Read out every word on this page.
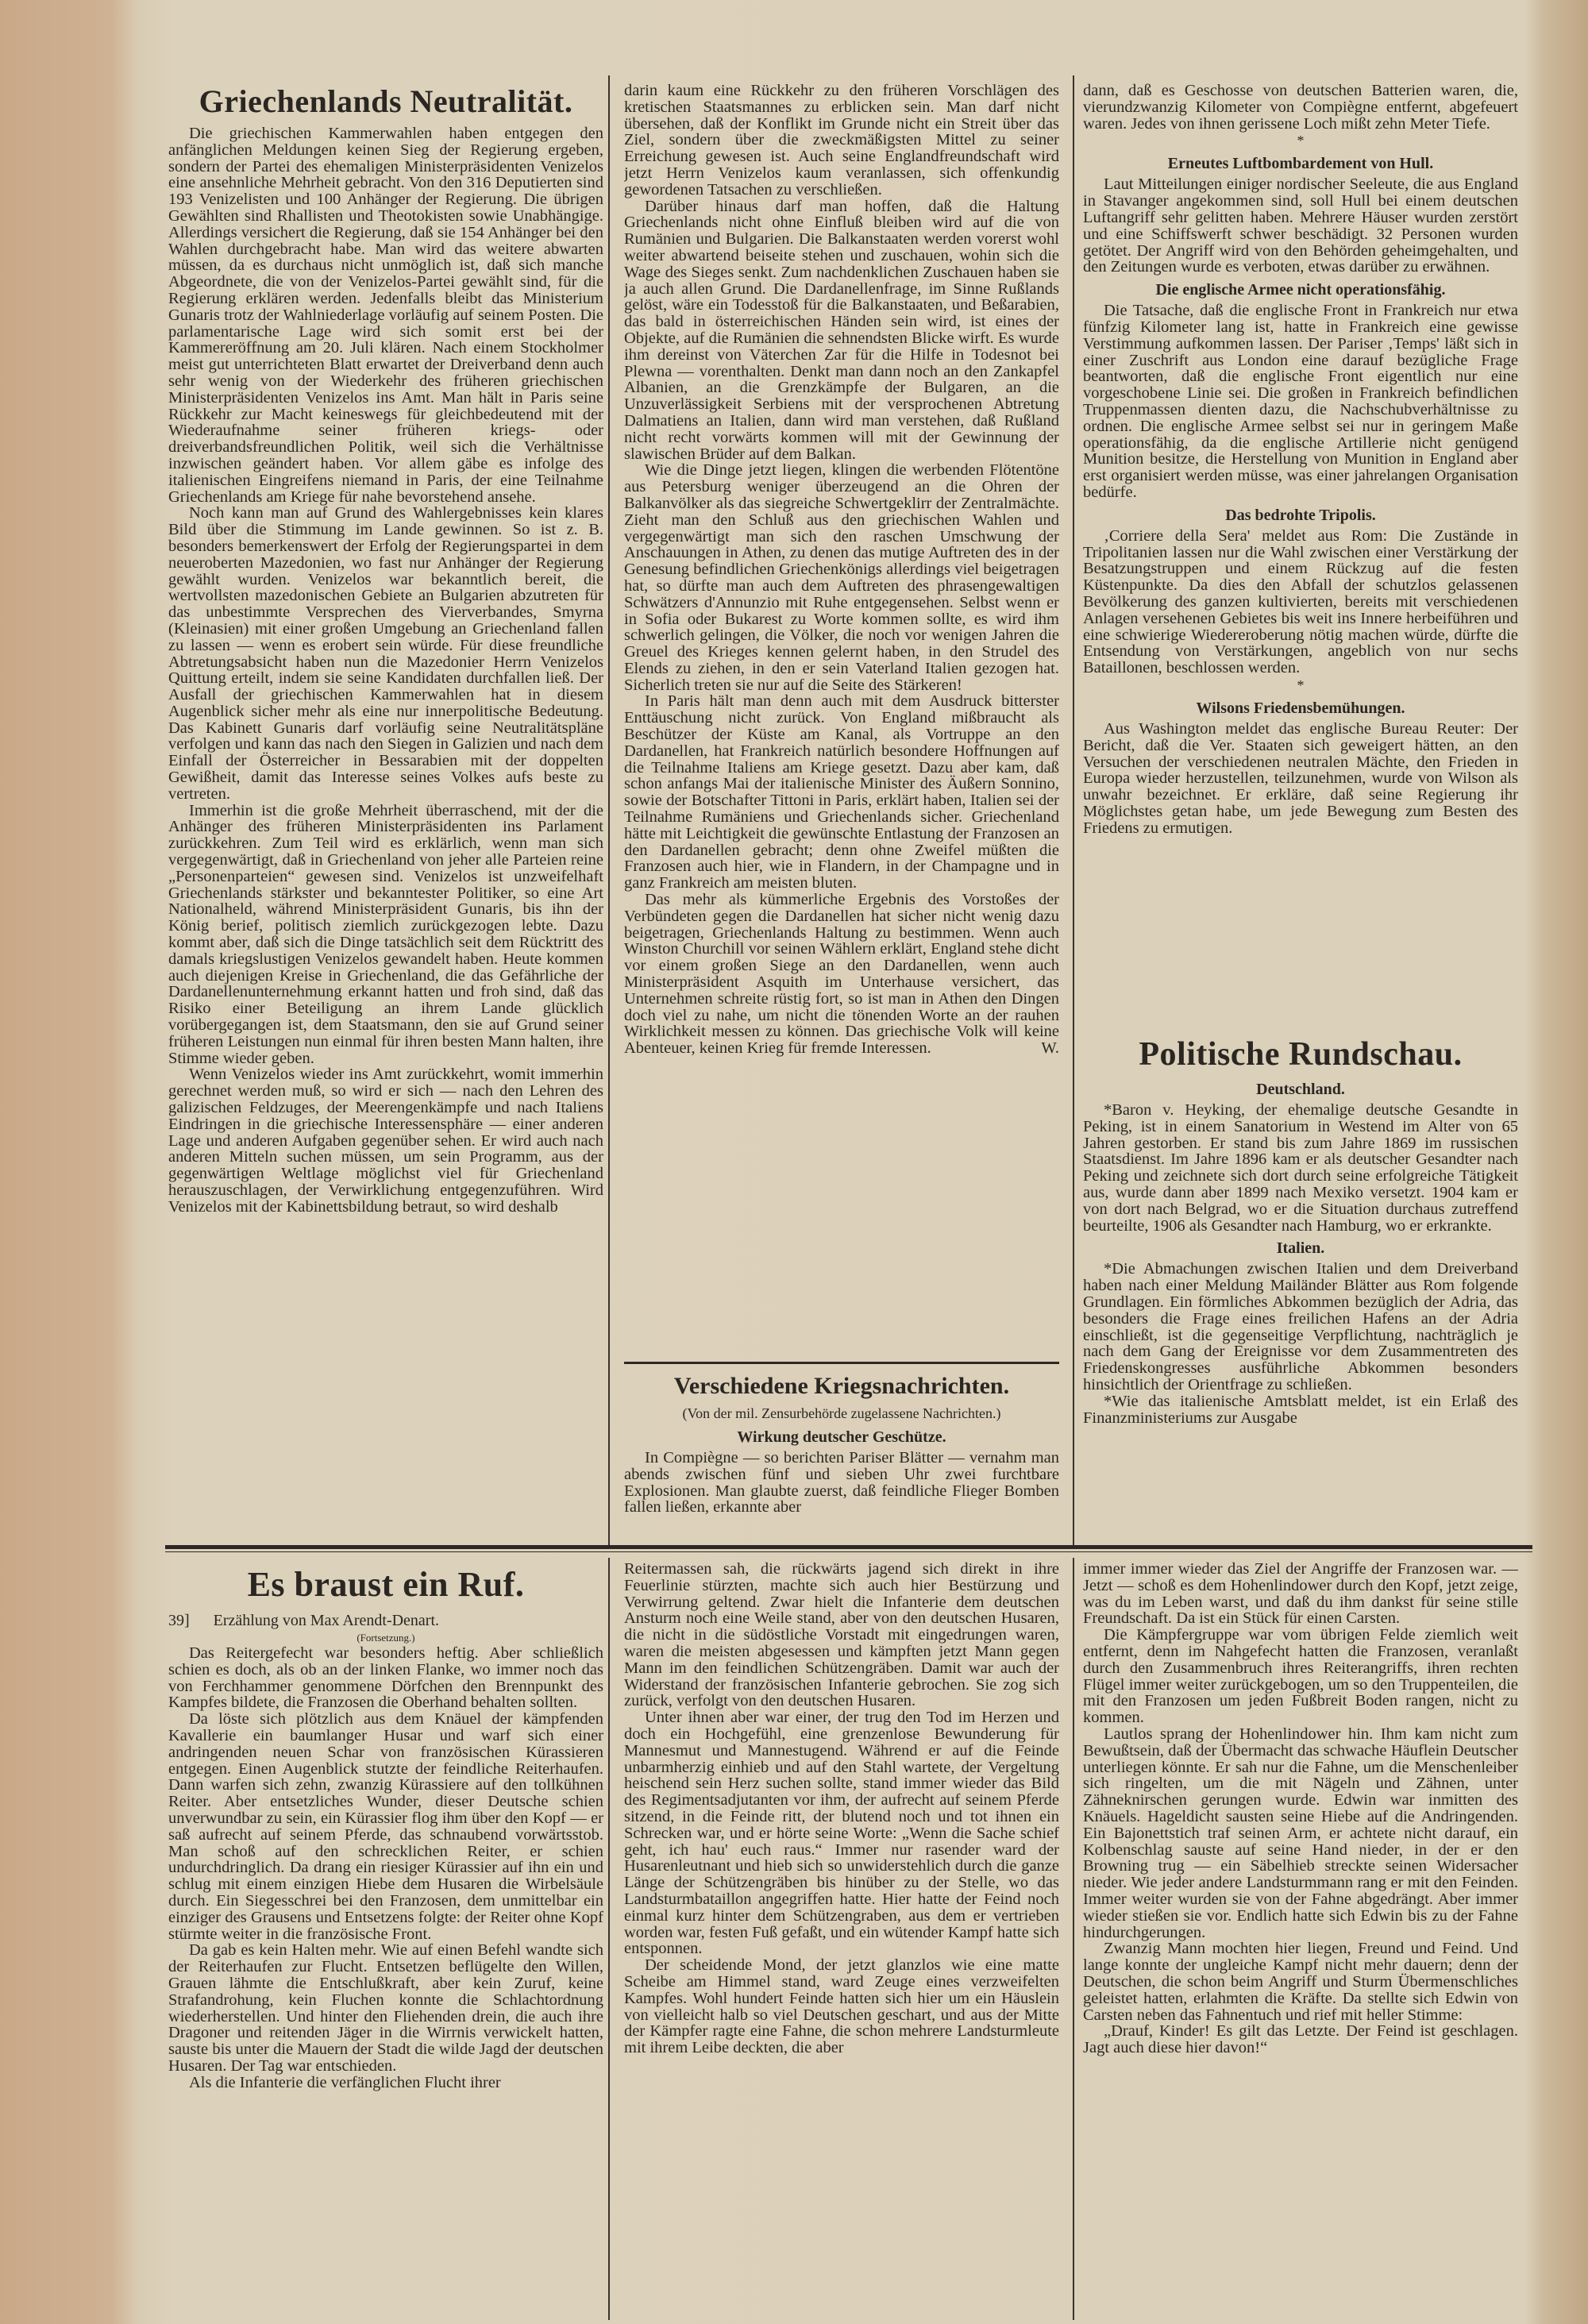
Griechenlands Neutralität.

Die griechischen Kammerwahlen haben entgegen den anfänglichen Meldungen keinen Sieg der Regierung ergeben, sondern der Partei des ehemaligen Ministerpräsidenten Venizelos eine ansehnliche Mehrheit gebracht. Von den 316 Deputierten sind 193 Venizelisten und 100 Anhänger der Regierung. Die übrigen Gewählten sind Rhallisten und Theotokisten sowie Unabhängige. Allerdings versichert die Regierung, daß sie 154 Anhänger bei den Wahlen durchgebracht habe. Man wird das weitere abwarten müssen, da es durchaus nicht unmöglich ist, daß sich manche Abgeordnete, die von der Venizelos-Partei gewählt sind, für die Regierung erklären werden. Jedenfalls bleibt das Ministerium Gunaris trotz der Wahlniederlage vorläufig auf seinem Posten. Die parlamentarische Lage wird sich somit erst bei der Kammereröffnung am 20. Juli klären. Nach einem Stockholmer meist gut unterrichteten Blatt erwartet der Dreiverband denn auch sehr wenig von der Wiederkehr des früheren griechischen Ministerpräsidenten Venizelos ins Amt. Man hält in Paris seine Rückkehr zur Macht keineswegs für gleichbedeutend mit der Wiederaufnahme seiner früheren kriegs- oder dreiverbandsfreundlichen Politik, weil sich die Verhältnisse inzwischen geändert haben. Vor allem gäbe es infolge des italienischen Eingreifens niemand in Paris, der eine Teilnahme Griechenlands am Kriege für nahe bevorstehend ansehe.

Noch kann man auf Grund des Wahlergebnisses kein klares Bild über die Stimmung im Lande gewinnen. So ist z. B. besonders bemerkenswert der Erfolg der Regierungspartei in dem neueroberten Mazedonien, wo fast nur Anhänger der Regierung gewählt wurden. Venizelos war bekanntlich bereit, die wertvollsten mazedonischen Gebiete an Bulgarien abzutreten für das unbestimmte Versprechen des Vierverbandes, Smyrna (Kleinasien) mit einer großen Umgebung an Griechenland fallen zu lassen — wenn es erobert sein würde. Für diese freundliche Abtretungsabsicht haben nun die Mazedonier Herrn Venizelos Quittung erteilt, indem sie seine Kandidaten durchfallen ließ. Der Ausfall der griechischen Kammerwahlen hat in diesem Augenblick sicher mehr als eine nur innerpolitische Bedeutung. Das Kabinett Gunaris darf vorläufig seine Neutralitätspläne verfolgen und kann das nach den Siegen in Galizien und nach dem Einfall der Österreicher in Bessarabien mit der doppelten Gewißheit, damit das Interesse seines Volkes aufs beste zu vertreten.

Immerhin ist die große Mehrheit überraschend, mit der die Anhänger des früheren Ministerpräsidenten ins Parlament zurückkehren. Zum Teil wird es erklärlich, wenn man sich vergegenwärtigt, daß in Griechenland von jeher alle Parteien reine „Personenparteien“ gewesen sind. Venizelos ist unzweifelhaft Griechenlands stärkster und bekanntester Politiker, so eine Art Nationalheld, während Ministerpräsident Gunaris, bis ihn der König berief, politisch ziemlich zurückgezogen lebte. Dazu kommt aber, daß sich die Dinge tatsächlich seit dem Rücktritt des damals kriegslustigen Venizelos gewandelt haben. Heute kommen auch diejenigen Kreise in Griechenland, die das Gefährliche der Dardanellenunternehmung erkannt hatten und froh sind, daß das Risiko einer Beteiligung an ihrem Lande glücklich vorübergegangen ist, dem Staatsmann, den sie auf Grund seiner früheren Leistungen nun einmal für ihren besten Mann halten, ihre Stimme wieder geben.

Wenn Venizelos wieder ins Amt zurückkehrt, womit immerhin gerechnet werden muß, so wird er sich — nach den Lehren des galizischen Feldzuges, der Meerengenkämpfe und nach Italiens Eindringen in die griechische Interessensphäre — einer anderen Lage und anderen Aufgaben gegenüber sehen. Er wird auch nach anderen Mitteln suchen müssen, um sein Programm, aus der gegenwärtigen Weltlage möglichst viel für Griechenland herauszuschlagen, der Verwirklichung entgegenzuführen. Wird Venizelos mit der Kabinettsbildung betraut, so wird deshalb

darin kaum eine Rückkehr zu den früheren Vorschlägen des kretischen Staatsmannes zu erblicken sein. Man darf nicht übersehen, daß der Konflikt im Grunde nicht ein Streit über das Ziel, sondern über die zweckmäßigsten Mittel zu seiner Erreichung gewesen ist. Auch seine Englandfreundschaft wird jetzt Herrn Venizelos kaum veranlassen, sich offenkundig gewordenen Tatsachen zu verschließen.

Darüber hinaus darf man hoffen, daß die Haltung Griechenlands nicht ohne Einfluß bleiben wird auf die von Rumänien und Bulgarien. Die Balkanstaaten werden vorerst wohl weiter abwartend beiseite stehen und zuschauen, wohin sich die Wage des Sieges senkt. Zum nachdenklichen Zuschauen haben sie ja auch allen Grund. Die Dardanellenfrage, im Sinne Rußlands gelöst, wäre ein Todesstoß für die Balkanstaaten, und Beßarabien, das bald in österreichischen Händen sein wird, ist eines der Objekte, auf die Rumänien die sehnendsten Blicke wirft. Es wurde ihm dereinst von Väterchen Zar für die Hilfe in Todesnot bei Plewna — vorenthalten. Denkt man dann noch an den Zankapfel Albanien, an die Grenzkämpfe der Bulgaren, an die Unzuverlässigkeit Serbiens mit der versprochenen Abtretung Dalmatiens an Italien, dann wird man verstehen, daß Rußland nicht recht vorwärts kommen will mit der Gewinnung der slawischen Brüder auf dem Balkan.

Wie die Dinge jetzt liegen, klingen die werbenden Flötentöne aus Petersburg weniger überzeugend an die Ohren der Balkanvölker als das siegreiche Schwertgeklirr der Zentralmächte. Zieht man den Schluß aus den griechischen Wahlen und vergegenwärtigt man sich den raschen Umschwung der Anschauungen in Athen, zu denen das mutige Auftreten des in der Genesung befindlichen Griechenkönigs allerdings viel beigetragen hat, so dürfte man auch dem Auftreten des phrasengewaltigen Schwätzers d'Annunzio mit Ruhe entgegensehen. Selbst wenn er in Sofia oder Bukarest zu Worte kommen sollte, es wird ihm schwerlich gelingen, die Völker, die noch vor wenigen Jahren die Greuel des Krieges kennen gelernt haben, in den Strudel des Elends zu ziehen, in den er sein Vaterland Italien gezogen hat. Sicherlich treten sie nur auf die Seite des Stärkeren!

In Paris hält man denn auch mit dem Ausdruck bitterster Enttäuschung nicht zurück. Von England mißbraucht als Beschützer der Küste am Kanal, als Vortruppe an den Dardanellen, hat Frankreich natürlich besondere Hoffnungen auf die Teilnahme Italiens am Kriege gesetzt. Dazu aber kam, daß schon anfangs Mai der italienische Minister des Äußern Sonnino, sowie der Botschafter Tittoni in Paris, erklärt haben, Italien sei der Teilnahme Rumäniens und Griechenlands sicher. Griechenland hätte mit Leichtigkeit die gewünschte Entlastung der Franzosen an den Dardanellen gebracht; denn ohne Zweifel müßten die Franzosen auch hier, wie in Flandern, in der Champagne und in ganz Frankreich am meisten bluten.

Das mehr als kümmerliche Ergebnis des Vorstoßes der Verbündeten gegen die Dardanellen hat sicher nicht wenig dazu beigetragen, Griechenlands Haltung zu bestimmen. Wenn auch Winston Churchill vor seinen Wählern erklärt, England stehe dicht vor einem großen Siege an den Dardanellen, wenn auch Ministerpräsident Asquith im Unterhause versichert, das Unternehmen schreite rüstig fort, so ist man in Athen den Dingen doch viel zu nahe, um nicht die tönenden Worte an der rauhen Wirklichkeit messen zu können. Das griechische Volk will keine Abenteuer, keinen Krieg für fremde Interessen.	W.

Verschiedene Kriegsnachrichten.
(Von der mil. Zensurbehörde zugelassene Nachrichten.)
Wirkung deutscher Geschütze.

In Compiègne — so berichten Pariser Blätter — vernahm man abends zwischen fünf und sieben Uhr zwei furchtbare Explosionen. Man glaubte zuerst, daß feindliche Flieger Bomben fallen ließen, erkannte aber

dann, daß es Geschosse von deutschen Batterien waren, die, vierundzwanzig Kilometer von Compiègne entfernt, abgefeuert waren. Jedes von ihnen gerissene Loch mißt zehn Meter Tiefe.

*
Erneutes Luftbombardement von Hull.

Laut Mitteilungen einiger nordischer Seeleute, die aus England in Stavanger angekommen sind, soll Hull bei einem deutschen Luftangriff sehr gelitten haben. Mehrere Häuser wurden zerstört und eine Schiffswerft schwer beschädigt. 32 Personen wurden getötet. Der Angriff wird von den Behörden geheimgehalten, und den Zeitungen wurde es verboten, etwas darüber zu erwähnen.

Die englische Armee nicht operationsfähig.

Die Tatsache, daß die englische Front in Frankreich nur etwa fünfzig Kilometer lang ist, hatte in Frankreich eine gewisse Verstimmung aufkommen lassen. Der Pariser ‚Temps' läßt sich in einer Zuschrift aus London eine darauf bezügliche Frage beantworten, daß die englische Front eigentlich nur eine vorgeschobene Linie sei. Die großen in Frankreich befindlichen Truppenmassen dienten dazu, die Nachschubverhältnisse zu ordnen. Die englische Armee selbst sei nur in geringem Maße operationsfähig, da die englische Artillerie nicht genügend Munition besitze, die Herstellung von Munition in England aber erst organisiert werden müsse, was einer jahrelangen Organisation bedürfe.

Das bedrohte Tripolis.

‚Corriere della Sera' meldet aus Rom: Die Zustände in Tripolitanien lassen nur die Wahl zwischen einer Verstärkung der Besatzungstruppen und einem Rückzug auf die festen Küstenpunkte. Da dies den Abfall der schutzlos gelassenen Bevölkerung des ganzen kultivierten, bereits mit verschiedenen Anlagen versehenen Gebietes bis weit ins Innere herbeiführen und eine schwierige Wiedereroberung nötig machen würde, dürfte die Entsendung von Verstärkungen, angeblich von nur sechs Bataillonen, beschlossen werden.

*
Wilsons Friedensbemühungen.

Aus Washington meldet das englische Bureau Reuter: Der Bericht, daß die Ver. Staaten sich geweigert hätten, an den Versuchen der verschiedenen neutralen Mächte, den Frieden in Europa wieder herzustellen, teilzunehmen, wurde von Wilson als unwahr bezeichnet. Er erkläre, daß seine Regierung ihr Möglichstes getan habe, um jede Bewegung zum Besten des Friedens zu ermutigen.

Politische Rundschau.
Deutschland.

*Baron v. Heyking, der ehemalige deutsche Gesandte in Peking, ist in einem Sanatorium in Westend im Alter von 65 Jahren gestorben. Er stand bis zum Jahre 1869 im russischen Staatsdienst. Im Jahre 1896 kam er als deutscher Gesandter nach Peking und zeichnete sich dort durch seine erfolgreiche Tätigkeit aus, wurde dann aber 1899 nach Mexiko versetzt. 1904 kam er von dort nach Belgrad, wo er die Situation durchaus zutreffend beurteilte, 1906 als Gesandter nach Hamburg, wo er erkrankte.

Italien.

*Die Abmachungen zwischen Italien und dem Dreiverband haben nach einer Meldung Mailänder Blätter aus Rom folgende Grundlagen. Ein förmliches Abkommen bezüglich der Adria, das besonders die Frage eines freilichen Hafens an der Adria einschließt, ist die gegenseitige Verpflichtung, nachträglich je nach dem Gang der Ereignisse vor dem Zusammentreten des Friedenskongresses ausführliche Abkommen besonders hinsichtlich der Orientfrage zu schließen.

*Wie das italienische Amtsblatt meldet, ist ein Erlaß des Finanzministeriums zur Ausgabe

Es braust ein Ruf.
39] Erzählung von Max Arendt-Denart.
(Fortsetzung.)

Das Reitergefecht war besonders heftig. Aber schließlich schien es doch, als ob an der linken Flanke, wo immer noch das von Ferchhammer genommene Dörfchen den Brennpunkt des Kampfes bildete, die Franzosen die Oberhand behalten sollten.

Da löste sich plötzlich aus dem Knäuel der kämpfenden Kavallerie ein baumlanger Husar und warf sich einer andringenden neuen Schar von französischen Kürassieren entgegen. Einen Augenblick stutzte der feindliche Reiterhaufen. Dann warfen sich zehn, zwanzig Kürassiere auf den tollkühnen Reiter. Aber entsetzliches Wunder, dieser Deutsche schien unverwundbar zu sein, ein Kürassier flog ihm über den Kopf — er saß aufrecht auf seinem Pferde, das schnaubend vorwärtsstob. Man schoß auf den schrecklichen Reiter, er schien undurchdringlich. Da drang ein riesiger Kürassier auf ihn ein und schlug mit einem einzigen Hiebe dem Husaren die Wirbelsäule durch. Ein Siegesschrei bei den Franzosen, dem unmittelbar ein einziger des Grausens und Entsetzens folgte: der Reiter ohne Kopf stürmte weiter in die französische Front.

Da gab es kein Halten mehr. Wie auf einen Befehl wandte sich der Reiterhaufen zur Flucht. Entsetzen beflügelte den Willen, Grauen lähmte die Entschlußkraft, aber kein Zuruf, keine Strafandrohung, kein Fluchen konnte die Schlachtordnung wiederherstellen. Und hinter den Fliehenden drein, die auch ihre Dragoner und reitenden Jäger in die Wirrnis verwickelt hatten, sauste bis unter die Mauern der Stadt die wilde Jagd der deutschen Husaren. Der Tag war entschieden.

Als die Infanterie die verfänglichen Flucht ihrer

Reitermassen sah, die rückwärts jagend sich direkt in ihre Feuerlinie stürzten, machte sich auch hier Bestürzung und Verwirrung geltend. Zwar hielt die Infanterie dem deutschen Ansturm noch eine Weile stand, aber von den deutschen Husaren, die nicht in die südöstliche Vorstadt mit eingedrungen waren, waren die meisten abgesessen und kämpften jetzt Mann gegen Mann im den feindlichen Schützengräben. Damit war auch der Widerstand der französischen Infanterie gebrochen. Sie zog sich zurück, verfolgt von den deutschen Husaren.

Unter ihnen aber war einer, der trug den Tod im Herzen und doch ein Hochgefühl, eine grenzenlose Bewunderung für Mannesmut und Mannestugend. Während er auf die Feinde unbarmherzig einhieb und auf den Stahl wartete, der Vergeltung heischend sein Herz suchen sollte, stand immer wieder das Bild des Regimentsadjutanten vor ihm, der aufrecht auf seinem Pferde sitzend, in die Feinde ritt, der blutend noch und tot ihnen ein Schrecken war, und er hörte seine Worte: „Wenn die Sache schief geht, ich hau' euch raus.“ Immer nur rasender ward der Husarenleutnant und hieb sich so unwiderstehlich durch die ganze Länge der Schützengräben bis hinüber zu der Stelle, wo das Landsturmbataillon angegriffen hatte. Hier hatte der Feind noch einmal kurz hinter dem Schützengraben, aus dem er vertrieben worden war, festen Fuß gefaßt, und ein wütender Kampf hatte sich entsponnen.

Der scheidende Mond, der jetzt glanzlos wie eine matte Scheibe am Himmel stand, ward Zeuge eines verzweifelten Kampfes. Wohl hundert Feinde hatten sich hier um ein Häuslein von vielleicht halb so viel Deutschen geschart, und aus der Mitte der Kämpfer ragte eine Fahne, die schon mehrere Landsturmleute mit ihrem Leibe deckten, die aber

immer immer wieder das Ziel der Angriffe der Franzosen war. — Jetzt — schoß es dem Hohenlindower durch den Kopf, jetzt zeige, was du im Leben warst, und daß du ihm dankst für seine stille Freundschaft. Da ist ein Stück für einen Carsten.

Die Kämpfergruppe war vom übrigen Felde ziemlich weit entfernt, denn im Nahgefecht hatten die Franzosen, veranlaßt durch den Zusammenbruch ihres Reiterangriffs, ihren rechten Flügel immer weiter zurückgebogen, um so den Truppenteilen, die mit den Franzosen um jeden Fußbreit Boden rangen, nicht zu kommen.

Lautlos sprang der Hohenlindower hin. Ihm kam nicht zum Bewußtsein, daß der Übermacht das schwache Häuflein Deutscher unterliegen könnte. Er sah nur die Fahne, um die Menschenleiber sich ringelten, um die mit Nägeln und Zähnen, unter Zähneknirschen gerungen wurde. Edwin war inmitten des Knäuels. Hageldicht sausten seine Hiebe auf die Andringenden. Ein Bajonettstich traf seinen Arm, er achtete nicht darauf, ein Kolbenschlag sauste auf seine Hand nieder, in der er den Browning trug — ein Säbelhieb streckte seinen Widersacher nieder. Wie jeder andere Landsturmmann rang er mit den Feinden. Immer weiter wurden sie von der Fahne abgedrängt. Aber immer wieder stießen sie vor. Endlich hatte sich Edwin bis zu der Fahne hindurchgerungen.

Zwanzig Mann mochten hier liegen, Freund und Feind. Und lange konnte der ungleiche Kampf nicht mehr dauern; denn der Deutschen, die schon beim Angriff und Sturm Übermenschliches geleistet hatten, erlahmten die Kräfte. Da stellte sich Edwin von Carsten neben das Fahnentuch und rief mit heller Stimme:

„Drauf, Kinder! Es gilt das Letzte. Der Feind ist geschlagen. Jagt auch diese hier davon!“
